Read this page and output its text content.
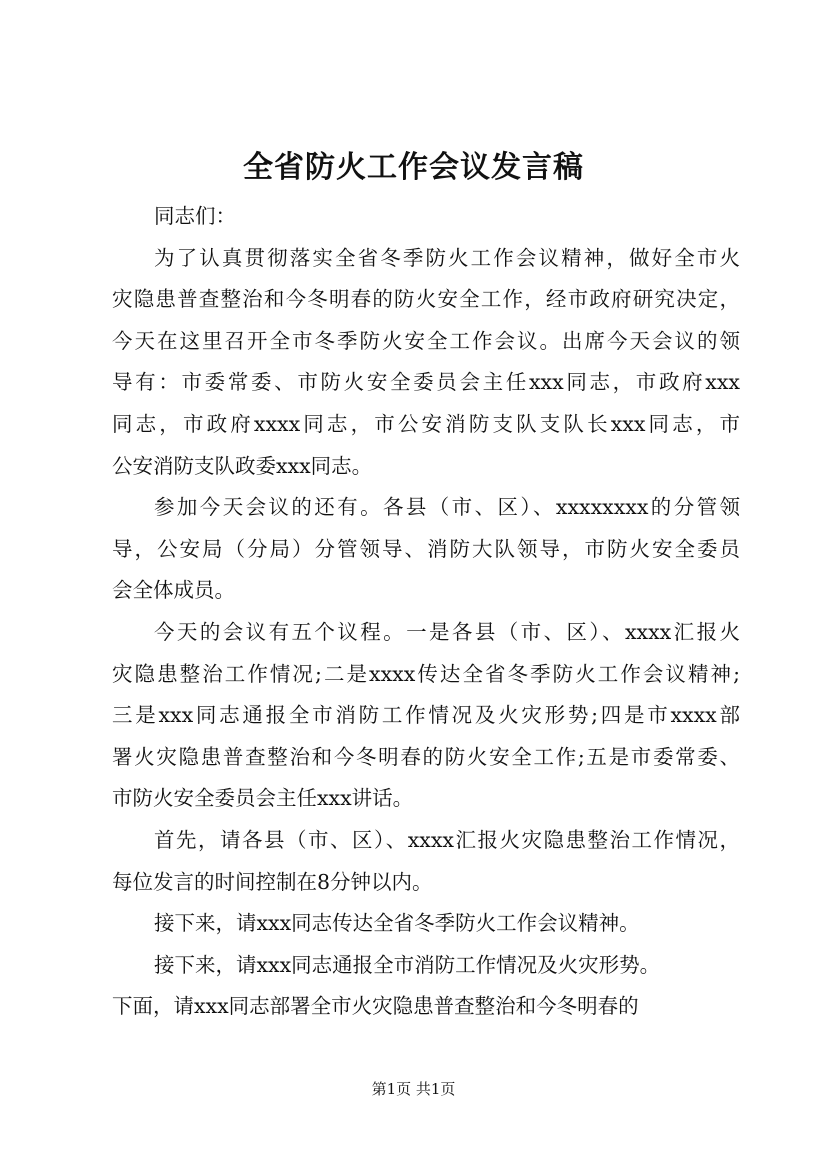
全省防火工作会议发言稿
同志们：
为了认真贯彻落实全省冬季防火工作会议精神，做好全市火
灾隐患普查整治和今冬明春的防火安全工作，经市政府研究决定，
今天在这里召开全市冬季防火安全工作会议。出席今天会议的领
导有：市委常委、市防火安全委员会主任xxx同志，市政府xxx
同志，市政府xxxx同志，市公安消防支队支队长xxx同志，市
公安消防支队政委xxx同志。
参加今天会议的还有。各县（市、区）、xxxxxxxx的分管领
导，公安局（分局）分管领导、消防大队领导，市防火安全委员
会全体成员。
今天的会议有五个议程。一是各县（市、区）、xxxx汇报火
灾隐患整治工作情况;二是xxxx传达全省冬季防火工作会议精神;
三是xxx同志通报全市消防工作情况及火灾形势;四是市xxxx部
署火灾隐患普查整治和今冬明春的防火安全工作;五是市委常委、
市防火安全委员会主任xxx讲话。
首先，请各县（市、区）、xxxx汇报火灾隐患整治工作情况，
每位发言的时间控制在8分钟以内。
接下来，请xxx同志传达全省冬季防火工作会议精神。
接下来，请xxx同志通报全市消防工作情况及火灾形势。
下面，请xxx同志部署全市火灾隐患普查整治和今冬明春的
第1页 共1页
